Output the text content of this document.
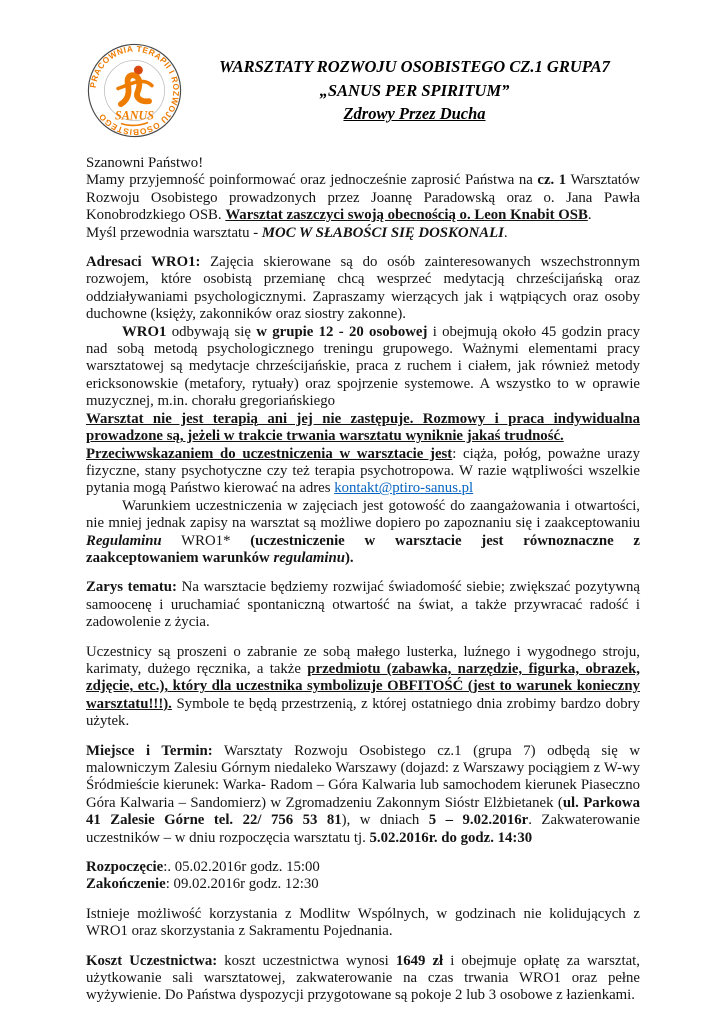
PRACOWNIA TERAPII I ROZWOJU OSOBISTEGO SANUS
WARSZTATY ROZWOJU OSOBISTEGO CZ.1 GRUPA7
„SANUS PER SPIRITUM”
Zdrowy Przez Ducha

Szanowni Państwo!

Mamy przyjemność poinformować oraz jednocześnie zaprosić Państwa na cz. 1 Warsztatów Rozwoju Osobistego prowadzonych przez Joannę Paradowską oraz o. Jana Pawła Konobrodzkiego OSB. Warsztat zaszczyci swoją obecnością o. Leon Knabit OSB.

Myśl przewodnia warsztatu - MOC W SŁABOŚCI SIĘ DOSKONALI.

Adresaci WRO1: Zajęcia skierowane są do osób zainteresowanych wszechstronnym rozwojem, które osobistą przemianę chcą wesprzeć medytacją chrześcijańską oraz oddziaływaniami psychologicznymi. Zapraszamy wierzących jak i wątpiących oraz osoby duchowne (księży, zakonników oraz siostry zakonne).

WRO1 odbywają się w grupie 12 - 20 osobowej i obejmują około 45 godzin pracy nad sobą metodą psychologicznego treningu grupowego. Ważnymi elementami pracy warsztatowej są medytacje chrześcijańskie, praca z ruchem i ciałem, jak również metody ericksonowskie (metafory, rytuały) oraz spojrzenie systemowe. A wszystko to w oprawie muzycznej, m.in. chorału gregoriańskiego

Warsztat nie jest terapią ani jej nie zastępuje. Rozmowy i praca indywidualna prowadzone są, jeżeli w trakcie trwania warsztatu wyniknie jakaś trudność.

Przeciwwskazaniem do uczestniczenia w warsztacie jest: ciąża, połóg, poważne urazy fizyczne, stany psychotyczne czy też terapia psychotropowa. W razie wątpliwości wszelkie pytania mogą Państwo kierować na adres kontakt@ptiro-sanus.pl

Warunkiem uczestniczenia w zajęciach jest gotowość do zaangażowania i otwartości, nie mniej jednak zapisy na warsztat są możliwe dopiero po zapoznaniu się i zaakceptowaniu Regulaminu WRO1* (uczestniczenie w warsztacie jest równoznaczne z zaakceptowaniem warunków regulaminu).

Zarys tematu: Na warsztacie będziemy rozwijać świadomość siebie; zwiększać pozytywną samoocenę i uruchamiać spontaniczną otwartość na świat, a także przywracać radość i zadowolenie z życia.

Uczestnicy są proszeni o zabranie ze sobą małego lusterka, luźnego i wygodnego stroju, karimaty, dużego ręcznika, a także przedmiotu (zabawka, narzędzie, figurka, obrazek, zdjęcie, etc.), który dla uczestnika symbolizuje OBFITOŚĆ (jest to warunek konieczny warsztatu!!!). Symbole te będą przestrzenią, z której ostatniego dnia zrobimy bardzo dobry użytek.

Miejsce i Termin: Warsztaty Rozwoju Osobistego cz.1 (grupa 7) odbędą się w malowniczym Zalesiu Górnym niedaleko Warszawy (dojazd: z Warszawy pociągiem z W-wy Śródmieście kierunek: Warka- Radom – Góra Kalwaria lub samochodem kierunek Piaseczno Góra Kalwaria – Sandomierz) w Zgromadzeniu Zakonnym Sióstr Elżbietanek (ul. Parkowa 41 Zalesie Górne tel. 22/ 756 53 81), w dniach 5 – 9.02.2016r. Zakwaterowanie uczestników – w dniu rozpoczęcia warsztatu tj. 5.02.2016r. do godz. 14:30

Rozpoczęcie:. 05.02.2016r godz. 15:00

Zakończenie: 09.02.2016r godz. 12:30

Istnieje możliwość korzystania z Modlitw Wspólnych, w godzinach nie kolidujących z WRO1 oraz skorzystania z Sakramentu Pojednania.

Koszt Uczestnictwa: koszt uczestnictwa wynosi 1649 zł i obejmuje opłatę za warsztat, użytkowanie sali warsztatowej, zakwaterowanie na czas trwania WRO1 oraz pełne wyżywienie. Do Państwa dyspozycji przygotowane są pokoje 2 lub 3 osobowe z łazienkami.
